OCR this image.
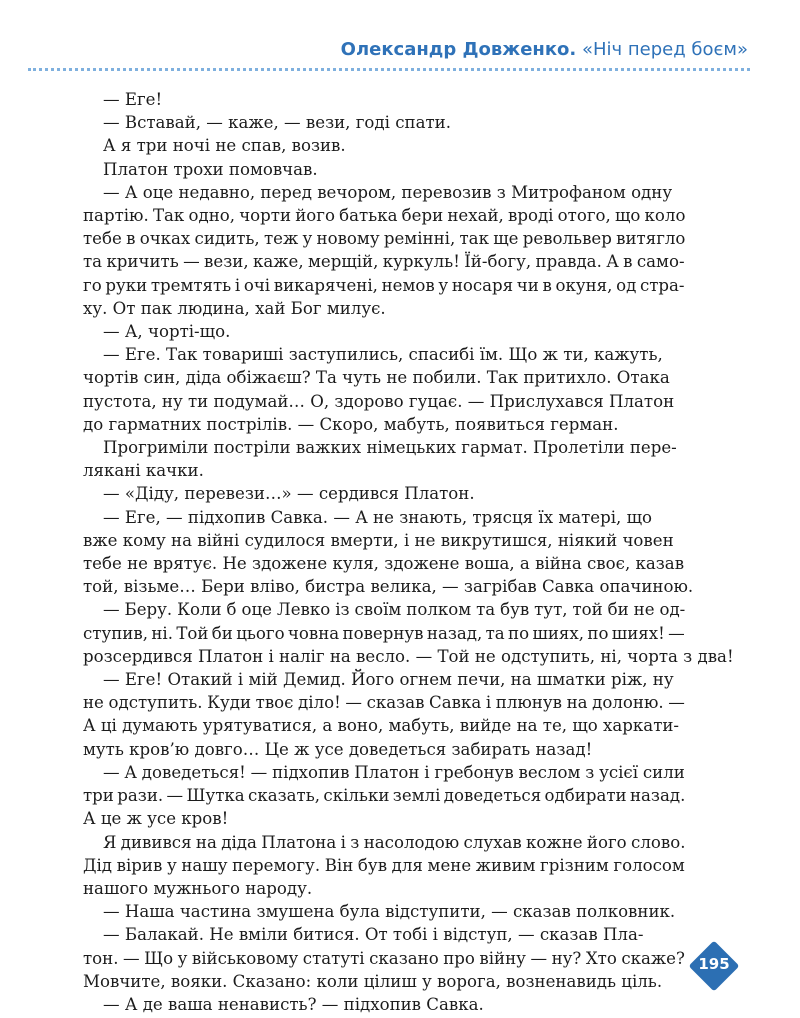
Олександр Довженко. «Ніч перед боєм»
— Еге!
— Вставай, — каже, — вези, годі спати.
А я три ночі не спав, возив.
Платон трохи помовчав.
— А оце недавно, перед вечором, перевозив з Митрофаном одну
партію. Так одно, чорти його батька бери нехай, вроді отого, що коло
тебе в очках сидить, теж у новому ремінні, так ще револьвер витягло
та кричить — вези, каже, мерщій, куркуль! Їй-богу, правда. А в само-
го руки тремтять і очі викарячені, немов у носаря чи в окуня, од стра-
ху. От пак людина, хай Бог милує.
— А, чорті-що.
— Еге. Так товариші заступились, спасибі їм. Що ж ти, кажуть,
чортів син, діда обіжаєш? Та чуть не побили. Так притихло. Отака
пустота, ну ти подумай… О, здорово гуцає. — Прислухався Платон
до гарматних пострілів. — Скоро, мабуть, появиться герман.
Прогриміли постріли важких німецьких гармат. Пролетіли пере-
лякані качки.
— «Діду, перевези…» — сердився Платон.
— Еге, — підхопив Савка. — А не знають, трясця їх матері, що
вже кому на війні судилося вмерти, і не викрутишся, ніякий човен
тебе не врятує. Не здожене куля, здожене воша, а війна своє, казав
той, візьме… Бери вліво, бистра велика, — загрібав Савка опачиною.
— Беру. Коли б оце Левко із своїм полком та був тут, той би не од-
ступив, ні. Той би цього човна повернув назад, та по шиях, по шиях! —
розсердився Платон і наліг на весло. — Той не одступить, ні, чорта з два!
— Еге! Отакий і мій Демид. Його огнем печи, на шматки ріж, ну
не одступить. Куди твоє діло! — сказав Савка і плюнув на долоню. —
А ці думають урятуватися, а воно, мабуть, вийде на те, що харкати-
муть кров’ю довго… Це ж усе доведеться забирать назад!
— А доведеться! — підхопив Платон і гребонув веслом з усієї сили
три рази. — Шутка сказать, скільки землі доведеться одбирати назад.
А це ж усе кров!
Я дивився на діда Платона і з насолодою слухав кожне його слово.
Дід вірив у нашу перемогу. Він був для мене живим грізним голосом
нашого мужнього народу.
— Наша частина змушена була відступити, — сказав полковник.
— Балакай. Не вміли битися. От тобі і відступ, — сказав Пла-
тон. — Що у військовому статуті сказано про війну — ну? Хто скаже?
Мовчите, вояки. Сказано: коли цілиш у ворога, возненавидь ціль.
— А де ваша ненависть? — підхопив Савка.
195
